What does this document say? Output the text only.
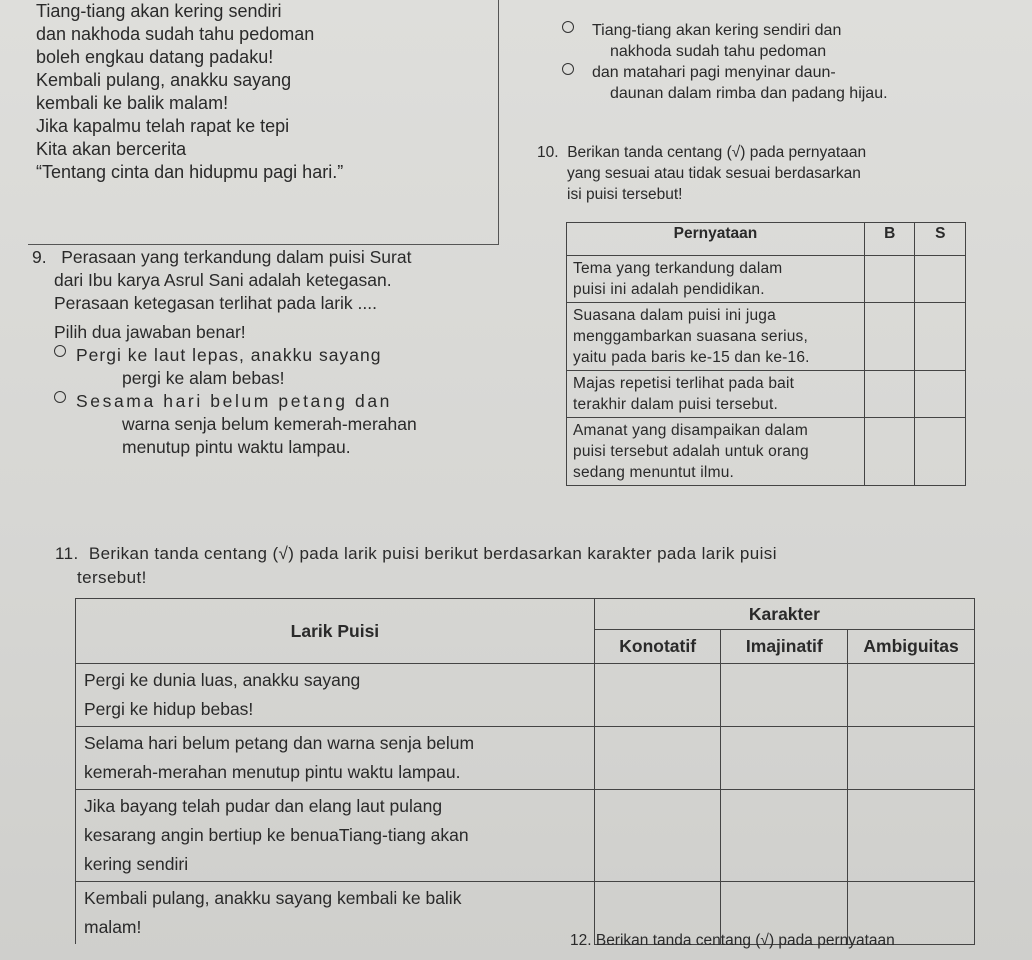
Tiang-tiang akan kering sendiri
dan nakhoda sudah tahu pedoman
boleh engkau datang padaku!
Kembali pulang, anakku sayang
kembali ke balik malam!
Jika kapalmu telah rapat ke tepi
Kita akan bercerita
“Tentang cinta dan hidupmu pagi hari.”
Tiang-tiang akan kering sendiri dan
nakhoda sudah tahu pedoman
dan matahari pagi menyinar daun-
daunan dalam rimba dan padang hijau.
9. Perasaan yang terkandung dalam puisi Surat
dari Ibu karya Asrul Sani adalah ketegasan.
Perasaan ketegasan terlihat pada larik ....
Pilih dua jawaban benar!
Pergi ke laut lepas, anakku sayang
pergi ke alam bebas!
Sesama hari belum petang dan
warna senja belum kemerah-merahan
menutup pintu waktu lampau.
10. Berikan tanda centang (√) pada pernyataan
yang sesuai atau tidak sesuai berdasarkan
isi puisi tersebut!
Pernyataan	B	S

Tema yang terkandung dalam
puisi ini adalah pendidikan.		

Suasana dalam puisi ini juga
menggambarkan suasana serius,
yaitu pada baris ke-15 dan ke-16.		

Majas repetisi terlihat pada bait
terakhir dalam puisi tersebut.		

Amanat yang disampaikan dalam
puisi tersebut adalah untuk orang
sedang menuntut ilmu.		

11. Berikan tanda centang (√) pada larik puisi berikut berdasarkan karakter pada larik puisi
tersebut!
Larik Puisi	Karakter		
	Konotatif	Imajinatif	Ambiguitas

Pergi ke dunia luas, anakku sayang
Pergi ke hidup bebas!			

Selama hari belum petang dan warna senja belum
kemerah-merahan menutup pintu waktu lampau.			

Jika bayang telah pudar dan elang laut pulang
kesarang angin bertiup ke benuaTiang-tiang akan
kering sendiri			

Kembali pulang, anakku sayang kembali ke balik
malam!			

12. Berikan tanda centang (√) pada pernyataan
